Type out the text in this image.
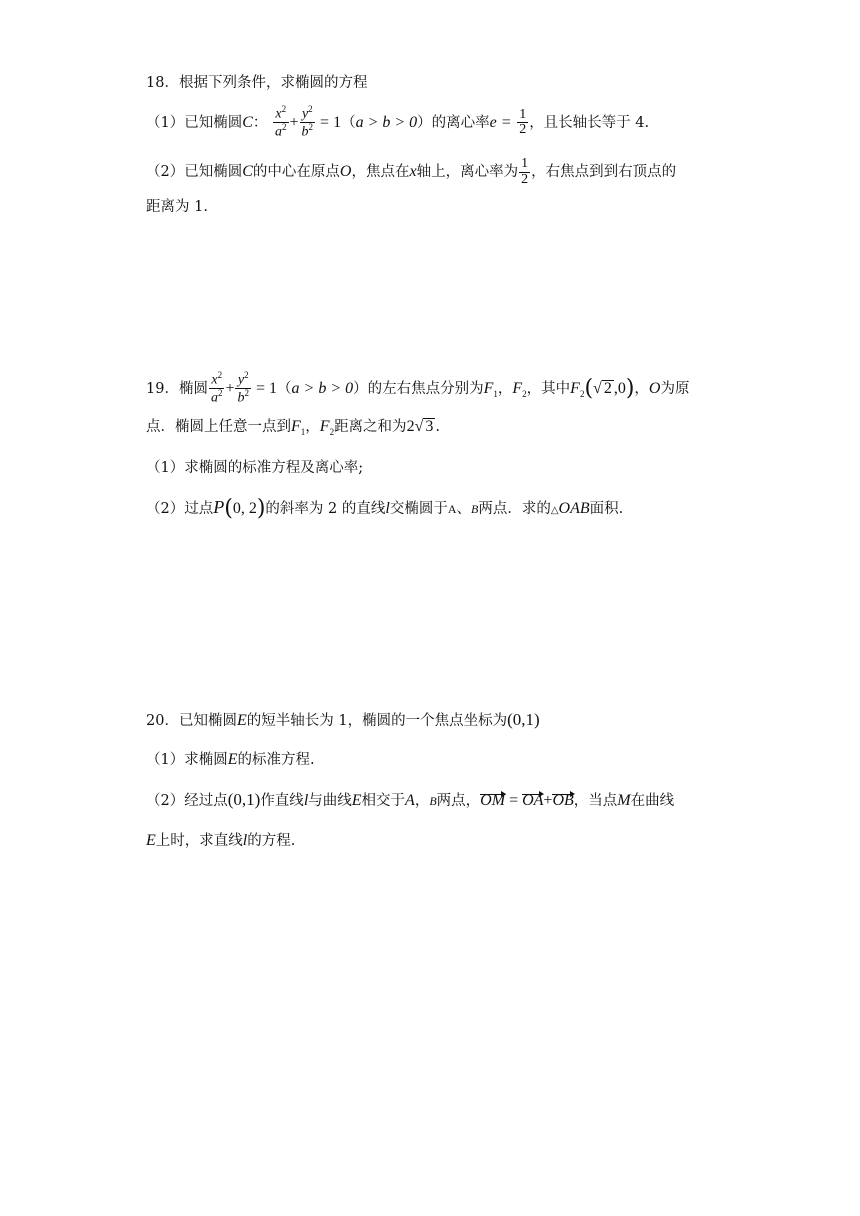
18．根据下列条件，求椭圆的方程
（1）已知椭圆C： $\frac{x^2}{a^2} + \frac{y^2}{b^2} = 1(a > b > 0)$的离心率$e = \frac{1}{2}$ ，且长轴长等于 4.
（2）已知椭圆C的中心在原点O，焦点在x轴上，离心率为 $\frac{1}{2}$ ，右焦点到到右顶点的
距离为 1.
19．椭圆 $\frac{x^2}{a^2} + \frac{y^2}{b^2} = 1(a > b > 0)$的左右焦点分别为$F_1$，$F_2$，其中$F_2(√$ 2 ,0)，O为原
点．椭圆上任意一点到$F_1$，$F_2$距离之和为2√ 3 .
（1）求椭圆的标准方程及离心率;
（2）过点P(0, 2)的斜率为 2 的直线l交椭圆于A、B两点．求的△OAB面积.
20．已知椭圆E的短半轴长为 1，椭圆的一个焦点坐标为(0,1)
（1）求椭圆E的标准方程.
（2）经过点(0,1)作直线l与曲线E相交于A，B两点，OM = OA+OB，当点M在曲线
E上时，求直线l的方程.
